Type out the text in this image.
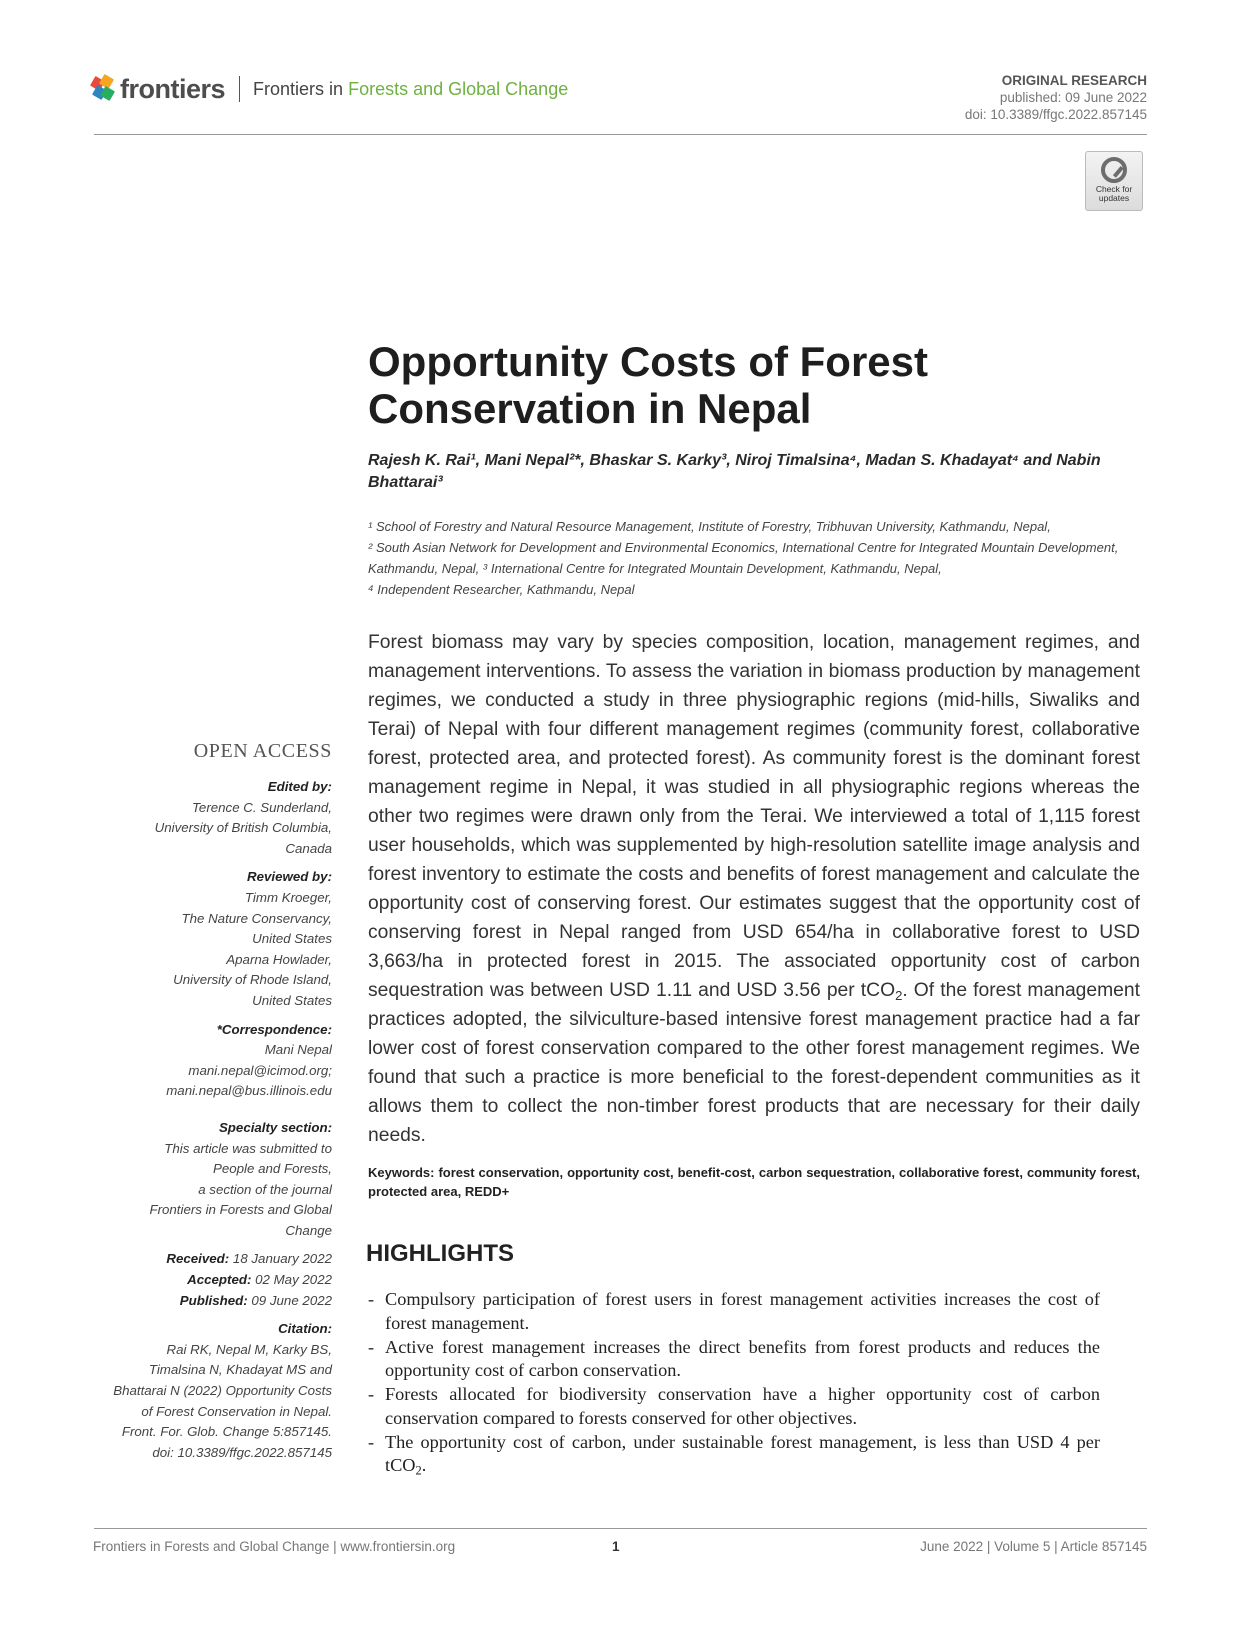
frontiers Frontiers in Forests and Global Change	ORIGINAL RESEARCH
published: 09 June 2022
doi: 10.3389/ffgc.2022.857145
Check for updates
Opportunity Costs of Forest Conservation in Nepal
Rajesh K. Rai¹, Mani Nepal²*, Bhaskar S. Karky³, Niroj Timalsina⁴, Madan S. Khadayat⁴ and Nabin Bhattarai³
¹ School of Forestry and Natural Resource Management, Institute of Forestry, Tribhuvan University, Kathmandu, Nepal,
² South Asian Network for Development and Environmental Economics, International Centre for Integrated Mountain Development, Kathmandu, Nepal, ³ International Centre for Integrated Mountain Development, Kathmandu, Nepal,
⁴ Independent Researcher, Kathmandu, Nepal

Forest biomass may vary by species composition, location, management regimes, and management interventions. To assess the variation in biomass production by management regimes, we conducted a study in three physiographic regions (mid-hills, Siwaliks and Terai) of Nepal with four different management regimes (community forest, collaborative forest, protected area, and protected forest). As community forest is the dominant forest management regime in Nepal, it was studied in all physiographic regions whereas the other two regimes were drawn only from the Terai. We interviewed a total of 1,115 forest user households, which was supplemented by high-resolution satellite image analysis and forest inventory to estimate the costs and benefits of forest management and calculate the opportunity cost of conserving forest. Our estimates suggest that the opportunity cost of conserving forest in Nepal ranged from USD 654/ha in collaborative forest to USD 3,663/ha in protected forest in 2015. The associated opportunity cost of carbon sequestration was between USD 1.11 and USD 3.56 per tCO$_2$. Of the forest management practices adopted, the silviculture-based intensive forest management practice had a far lower cost of forest conservation compared to the other forest management regimes. We found that such a practice is more beneficial to the forest-dependent communities as it allows them to collect the non-timber forest products that are necessary for their daily needs.

Keywords: forest conservation, opportunity cost, benefit-cost, carbon sequestration, collaborative forest, community forest, protected area, REDD+
HIGHLIGHTS
- Compulsory participation of forest users in forest management activities increases the cost of forest management.
- Active forest management increases the direct benefits from forest products and reduces the opportunity cost of carbon conservation.
- Forests allocated for biodiversity conservation have a higher opportunity cost of carbon conservation compared to forests conserved for other objectives.
- The opportunity cost of carbon, under sustainable forest management, is less than USD 4 per tCO$_2$.
OPEN ACCESS
Edited by:
Terence C. Sunderland,
University of British Columbia,
Canada
Reviewed by:
Timm Kroeger,
The Nature Conservancy,
United States
Aparna Howlader,
University of Rhode Island,
United States
*Correspondence:
Mani Nepal
mani.nepal@icimod.org;
mani.nepal@bus.illinois.edu
Specialty section:
This article was submitted to
People and Forests,
a section of the journal
Frontiers in Forests and Global
Change
Received: 18 January 2022
Accepted: 02 May 2022
Published: 09 June 2022
Citation:
Rai RK, Nepal M, Karky BS,
Timalsina N, Khadayat MS and
Bhattarai N (2022) Opportunity Costs
of Forest Conservation in Nepal.
Front. For. Glob. Change 5:857145.
doi: 10.3389/ffgc.2022.857145
Frontiers in Forests and Global Change | www.frontiersin.org	1	June 2022 | Volume 5 | Article 857145
